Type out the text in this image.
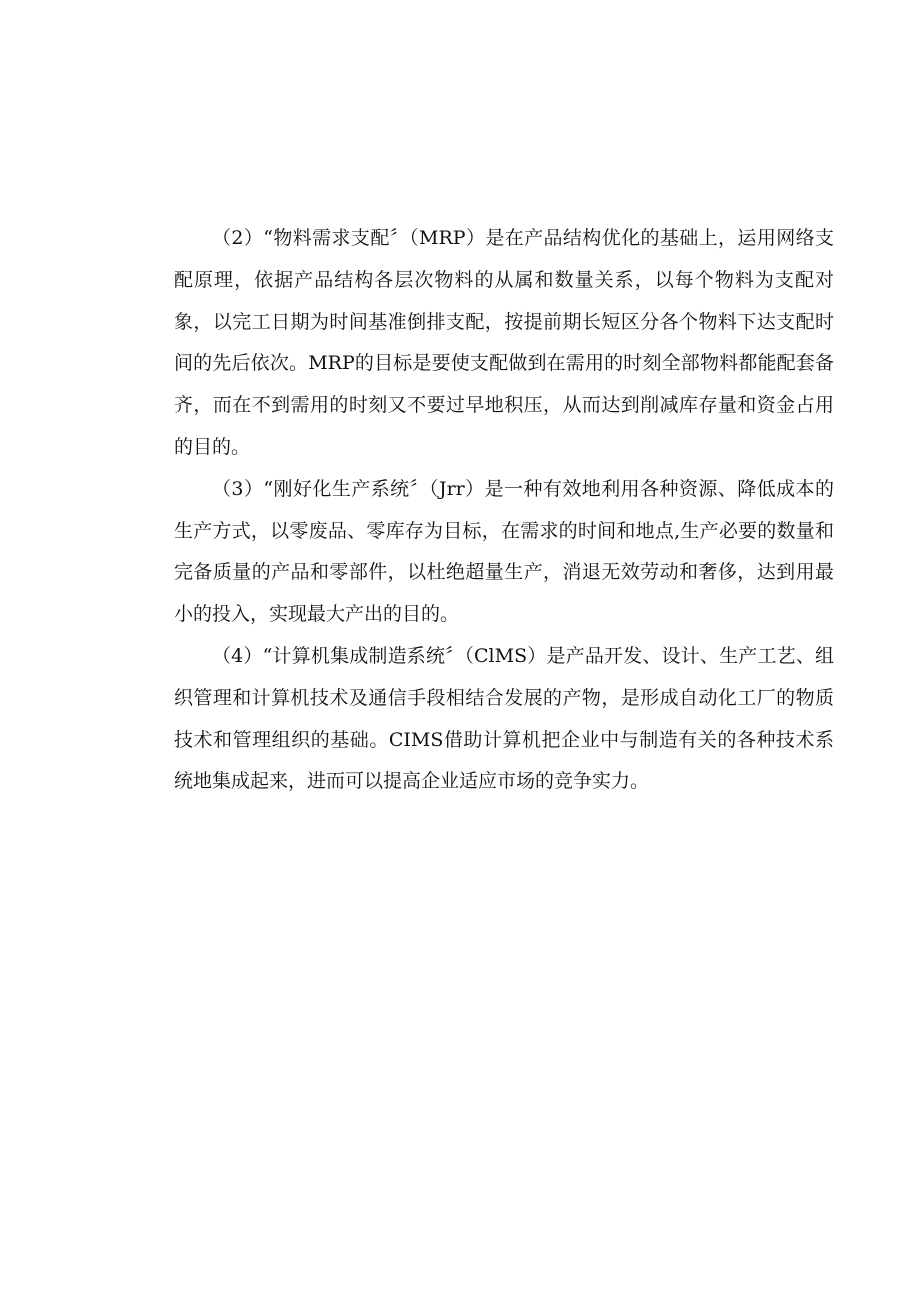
（2）“物料需求支配〞（MRP）是在产品结构优化的基础上，运用网络支配原理，依据产品结构各层次物料的从属和数量关系，以每个物料为支配对象，以完工日期为时间基准倒排支配，按提前期长短区分各个物料下达支配时间的先后依次。MRP的目标是要使支配做到在需用的时刻全部物料都能配套备齐，而在不到需用的时刻又不要过早地积压，从而达到削减库存量和资金占用的目的。

（3）“刚好化生产系统〞（Jrr）是一种有效地利用各种资源、降低成本的生产方式，以零废品、零库存为目标，在需求的时间和地点,生产必要的数量和完备质量的产品和零部件，以杜绝超量生产，消退无效劳动和奢侈，达到用最小的投入，实现最大产出的目的。

（4）“计算机集成制造系统〞（ClMS）是产品开发、设计、生产工艺、组织管理和计算机技术及通信手段相结合发展的产物，是形成自动化工厂的物质技术和管理组织的基础。CIMS借助计算机把企业中与制造有关的各种技术系统地集成起来，进而可以提高企业适应市场的竞争实力。
